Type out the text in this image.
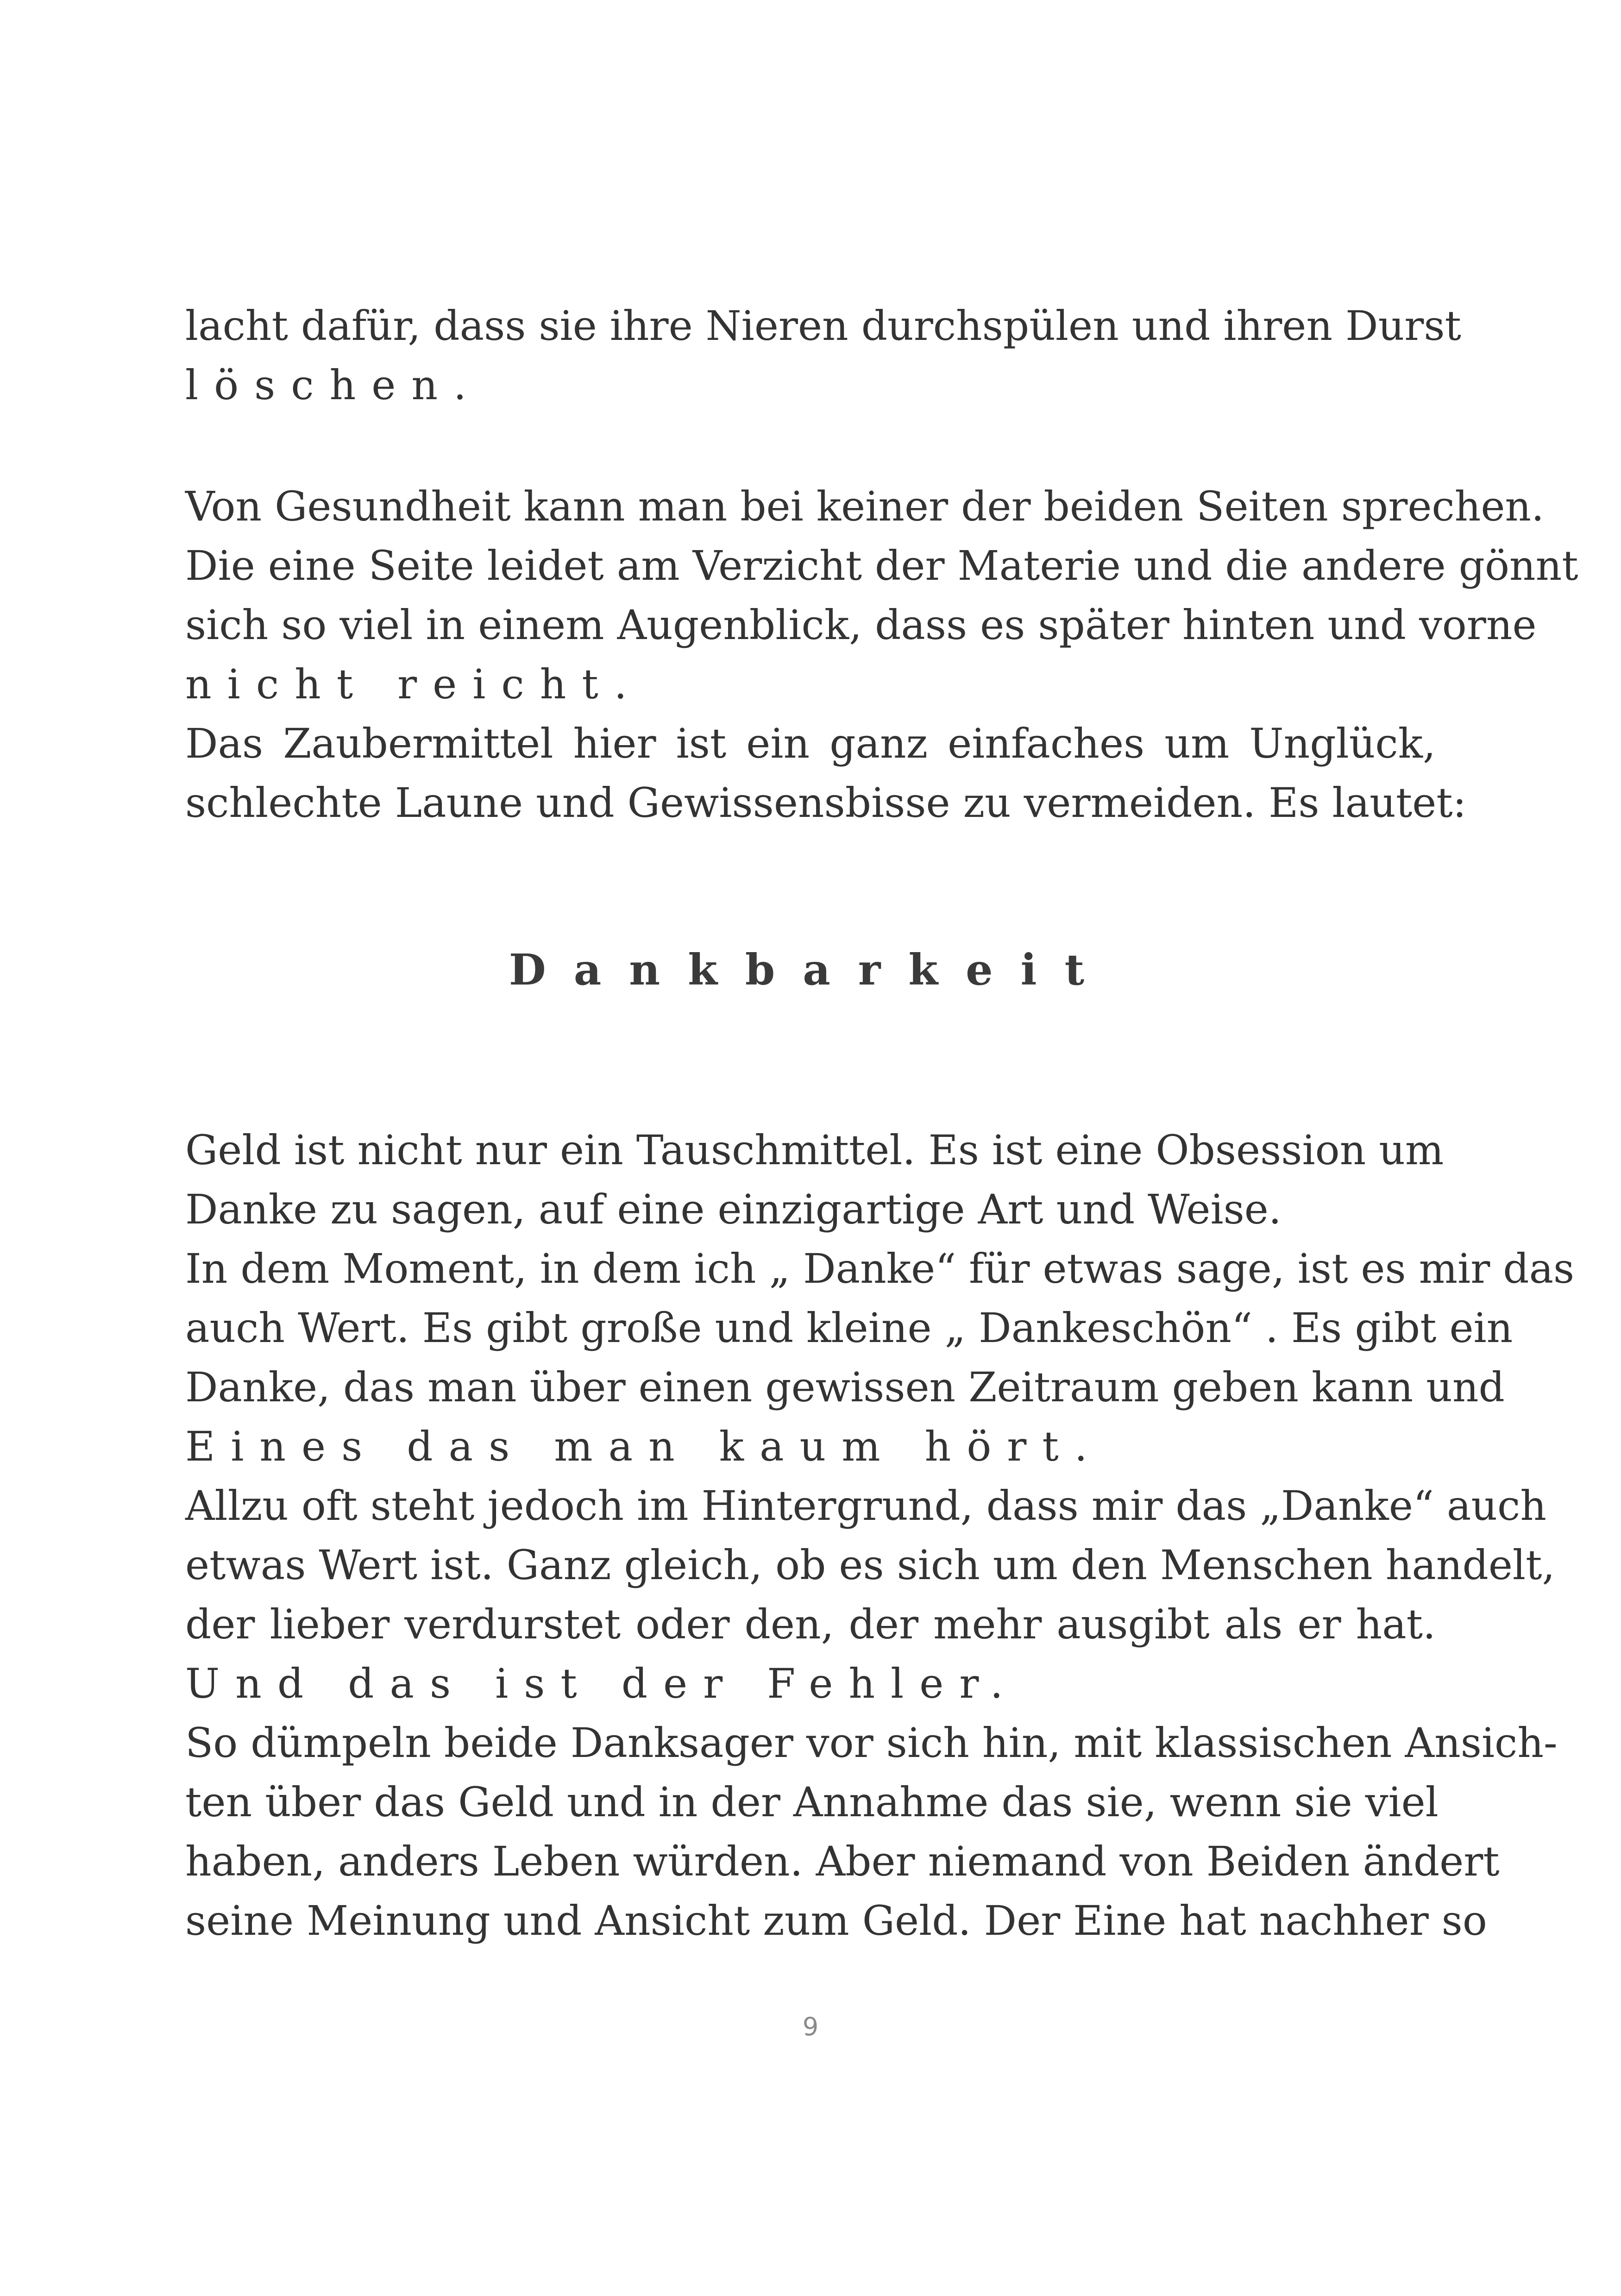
lacht dafür, dass sie ihre Nieren durchspülen und ihren Durst
löschen.
Von Gesundheit kann man bei keiner der beiden Seiten sprechen.
Die eine Seite leidet am Verzicht der Materie und die andere gönnt
sich so viel in einem Augenblick, dass es später hinten und vorne
nicht reicht.
Das Zaubermittel hier ist ein ganz einfaches um Unglück,
schlechte Laune und Gewissensbisse zu vermeiden. Es lautet:
Dankbarkeit
Geld ist nicht nur ein Tauschmittel. Es ist eine Obsession um
Danke zu sagen, auf eine einzigartige Art und Weise.
In dem Moment, in dem ich „ Danke“ für etwas sage, ist es mir das
auch Wert. Es gibt große und kleine „ Dankeschön“ . Es gibt ein
Danke, das man über einen gewissen Zeitraum geben kann und
Eines das man kaum hört.
Allzu oft steht jedoch im Hintergrund, dass mir das „Danke“ auch
etwas Wert ist. Ganz gleich, ob es sich um den Menschen handelt,
der lieber verdurstet oder den, der mehr ausgibt als er hat.
Und das ist der Fehler.
So dümpeln beide Danksager vor sich hin, mit klassischen Ansich-
ten über das Geld und in der Annahme das sie, wenn sie viel
haben, anders Leben würden. Aber niemand von Beiden ändert
seine Meinung und Ansicht zum Geld. Der Eine hat nachher so
9
